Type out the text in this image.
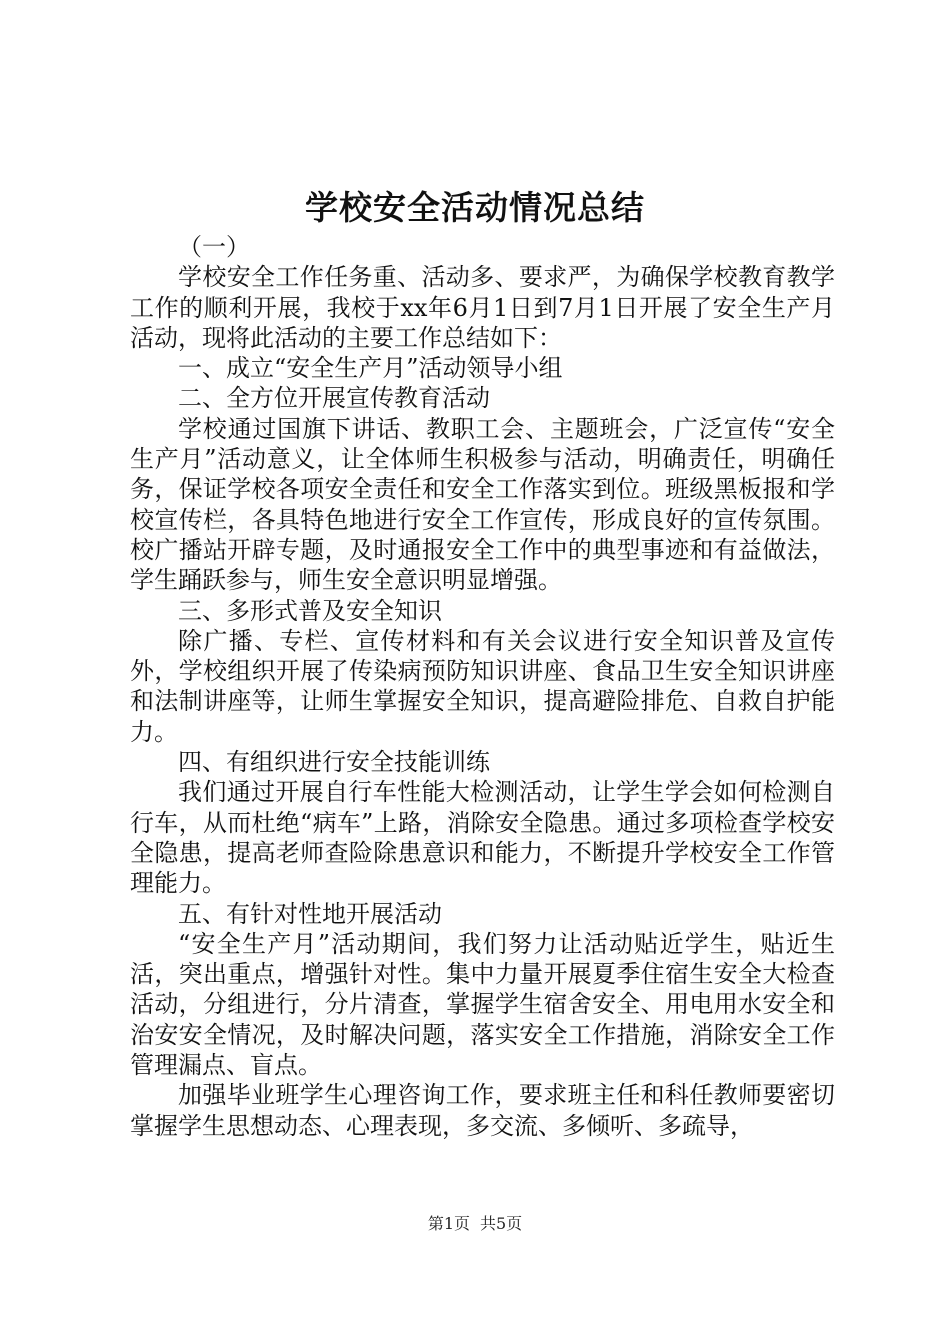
学校安全活动情况总结

（一）

学校安全工作任务重、活动多、要求严，为确保学校教育教学工作的顺利开展，我校于xx年6月1日到7月1日开展了安全生产月活动，现将此活动的主要工作总结如下：

一、成立“安全生产月”活动领导小组

二、全方位开展宣传教育活动

学校通过国旗下讲话、教职工会、主题班会，广泛宣传“安全生产月”活动意义，让全体师生积极参与活动，明确责任，明确任务，保证学校各项安全责任和安全工作落实到位。班级黑板报和学校宣传栏，各具特色地进行安全工作宣传，形成良好的宣传氛围。校广播站开辟专题，及时通报安全工作中的典型事迹和有益做法，学生踊跃参与，师生安全意识明显增强。

三、多形式普及安全知识

除广播、专栏、宣传材料和有关会议进行安全知识普及宣传外，学校组织开展了传染病预防知识讲座、食品卫生安全知识讲座和法制讲座等，让师生掌握安全知识，提高避险排危、自救自护能力。

四、有组织进行安全技能训练

我们通过开展自行车性能大检测活动，让学生学会如何检测自行车，从而杜绝“病车”上路，消除安全隐患。通过多项检查学校安全隐患，提高老师查险除患意识和能力，不断提升学校安全工作管理能力。

五、有针对性地开展活动

“安全生产月”活动期间，我们努力让活动贴近学生，贴近生活，突出重点，增强针对性。集中力量开展夏季住宿生安全大检查活动，分组进行，分片清查，掌握学生宿舍安全、用电用水安全和治安安全情况，及时解决问题，落实安全工作措施，消除安全工作管理漏点、盲点。

加强毕业班学生心理咨询工作，要求班主任和科任教师要密切掌握学生思想动态、心理表现，多交流、多倾听、多疏导，

第1页 共5页
